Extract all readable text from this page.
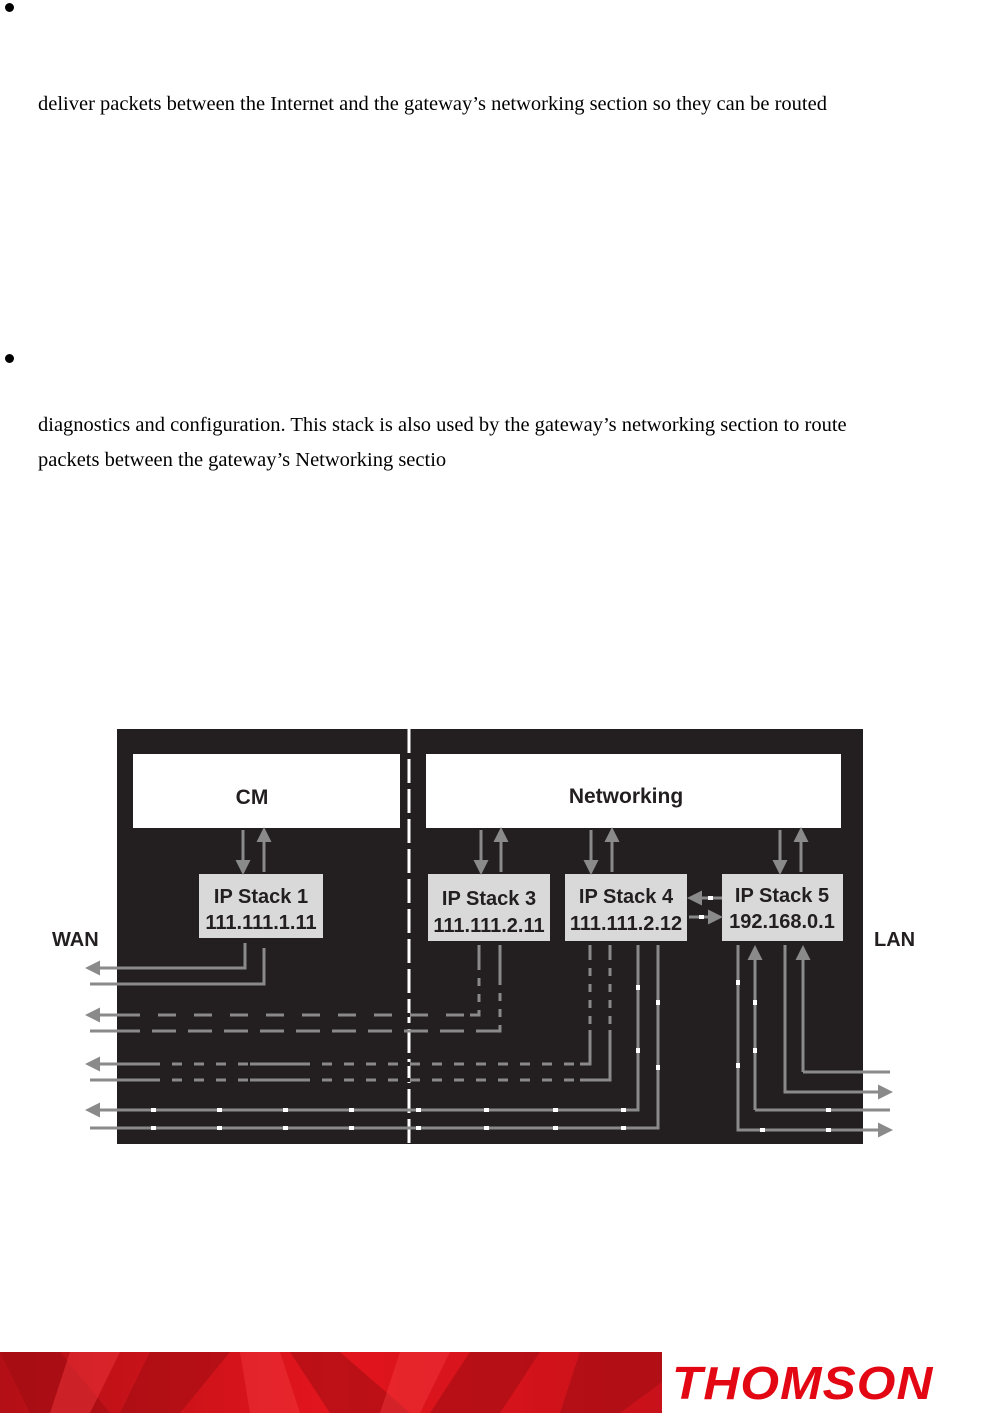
deliver packets between the Internet and the gateway’s networking section so they can be routed
diagnostics and configuration. This stack is also used by the gateway’s networking section to route
packets between the gateway’s Networking sectio
CM	Networking
IP Stack 1
111.111.1.11
IP Stack 3
111.111.2.11
IP Stack 4
111.111.2.12
IP Stack 5
192.168.0.1
WAN	LAN
THOMSON
